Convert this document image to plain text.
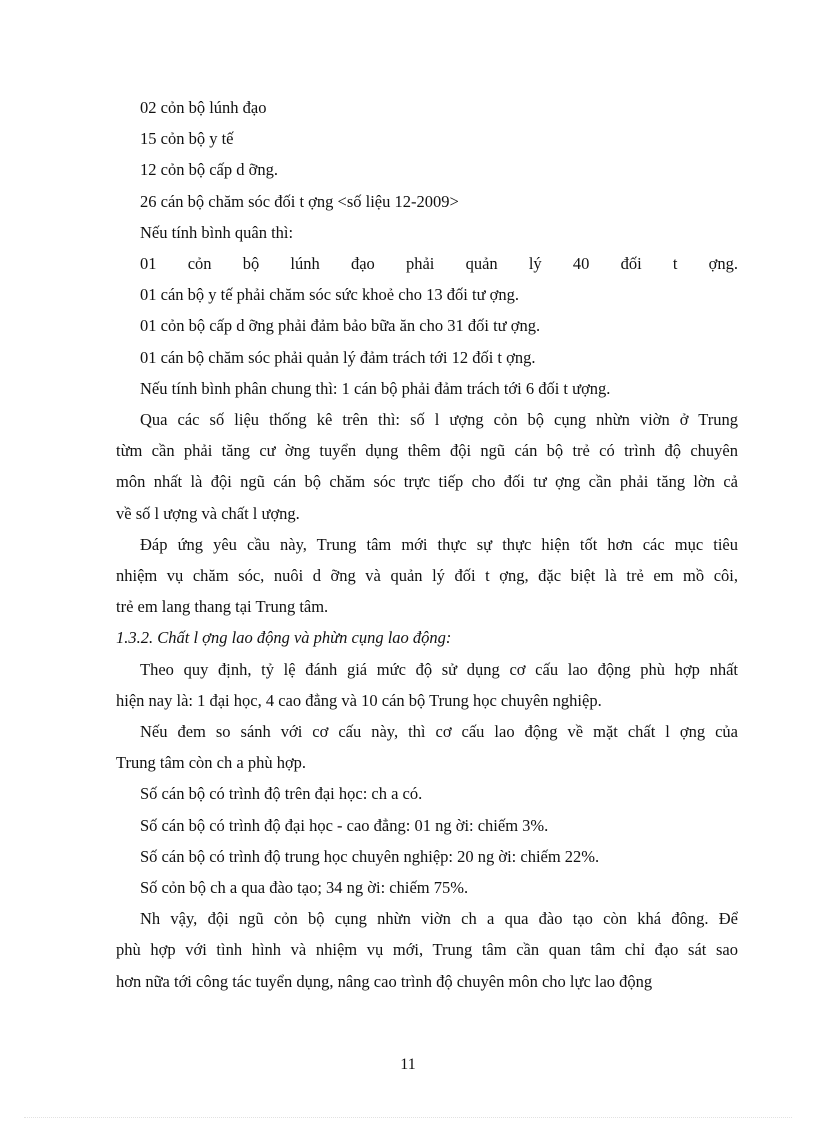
02 cỏn bộ lúnh đạo

15 cỏn bộ y tế

12 cỏn bộ cấp d ỡng.

26 cán bộ chăm sóc đối t ợng <số liệu 12-2009>

Nếu tính bình quân thì:

01 cỏn bộ lúnh đạo phải quản lý 40 đối t ợng.

01 cán bộ y tế phải chăm sóc sức khoẻ cho 13 đối tư ợng.

01 cỏn bộ cấp d ỡng phải đảm bảo bữa ăn cho 31 đối tư ợng.

01 cán bộ chăm sóc phải quản lý đảm trách tới 12 đối t ợng.

Nếu tính bình phân chung thì: 1 cán bộ phải đảm trách tới 6 đối t ượng.

Qua các số liệu thống kê trên thì: số l ượng cỏn bộ cụng nhừn viờn ở Trung

từm cần phải tăng cư ờng tuyển dụng thêm đội ngũ cán bộ trẻ có trình độ chuyên

môn nhất là đội ngũ cán bộ chăm sóc trực tiếp cho đối tư ợng cần phải tăng lờn cả

về số l ượng và chất l ượng.

Đáp ứng yêu cầu này, Trung tâm mới thực sự thực hiện tốt hơn các mục tiêu

nhiệm vụ chăm sóc, nuôi d ỡng và quản lý đối t ợng, đặc biệt là trẻ em mồ côi,

trẻ em lang thang tại Trung tâm.

1.3.2. Chất l ợng lao động và phừn cụng lao động:

Theo quy định, tỷ lệ đánh giá mức độ sử dụng cơ cấu lao động phù hợp nhất

hiện nay là: 1 đại học, 4 cao đẳng và 10 cán bộ Trung học chuyên nghiệp.

Nếu đem so sánh với cơ cấu này, thì cơ cấu lao động về mặt chất l ợng của

Trung tâm còn ch a phù hợp.

Số cán bộ có trình độ trên đại học: ch a có.

Số cán bộ có trình độ đại học - cao đẳng: 01 ng ời: chiếm 3%.

Số cán bộ có trình độ trung học chuyên nghiệp: 20 ng ời: chiếm 22%.

Số cỏn bộ ch a qua đào tạo; 34 ng ời: chiếm 75%.

Nh vậy, đội ngũ cỏn bộ cụng nhừn viờn ch a qua đào tạo còn khá đông. Để

phù hợp với tình hình và nhiệm vụ mới, Trung tâm cần quan tâm chỉ đạo sát sao

hơn nữa tới công tác tuyển dụng, nâng cao trình độ chuyên môn cho lực lao động

11
